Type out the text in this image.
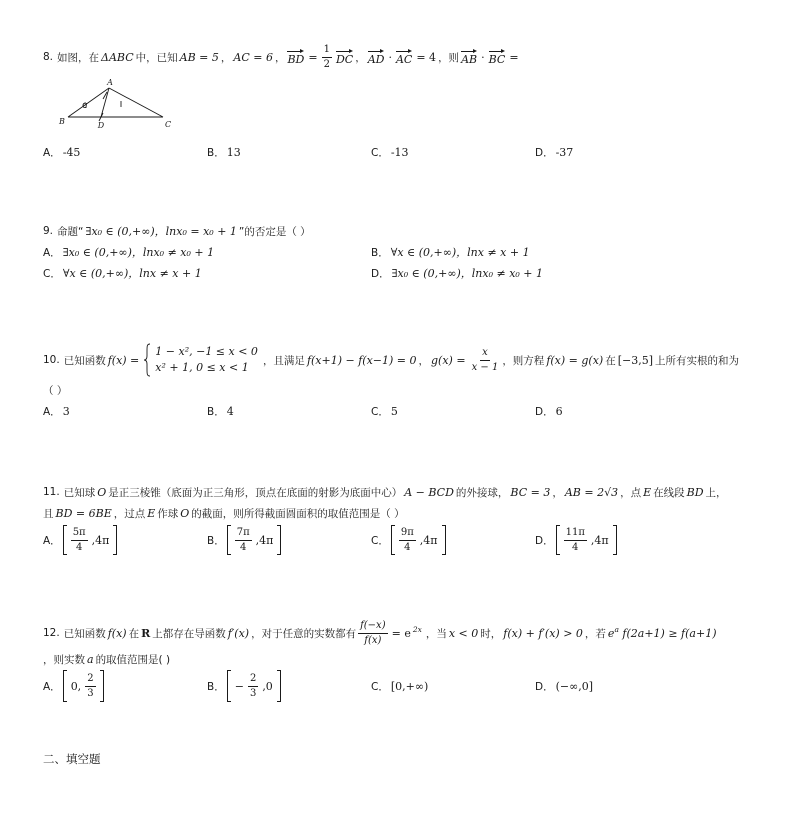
8. 如图，在 ΔABC 中，已知 AB = 5 ， AC = 6 ， BD = $\frac{1}{2}$ DC ， AD · AC = 4 ，则 AB · BC =
A
B	D	C
A． -45	B． 13	C． -13	D． -37
9. 命题“ ∃x₀ ∈ (0,+∞)，lnx₀ = x₀ + 1 ”的否定是（ ）
A． ∃x₀ ∈ (0,+∞)，lnx₀ ≠ x₀ + 1	B． ∀x ∈ (0,+∞)，lnx ≠ x + 1
C． ∀x ∈ (0,+∞)，lnx ≠ x + 1	D． ∃x₀ ∈ (0,+∞)，lnx₀ ≠ x₀ + 1
10. 已知函数 f(x) =
1 − x², −1 ≤ x < 0
x² + 1, 0 ≤ x < 1
，且满足 f(x+1) − f(x−1) = 0 ， $g(x) = \frac{x}{x - 1}$ ，则方程 f(x) = g(x) 在 [−3,5] 上所有实根的和为
（ ）
A． 3	B． 4	C． 5	D． 6
11. 已知球 O 是正三棱锥（底面为正三角形，顶点在底面的射影为底面中心） A − BCD 的外接球， BC = 3 ， AB = 2√3 ，点 E 在线段 BD 上，
且 BD = 6BE ，过点 E 作球 O 的截面，则所得截面圆面积的取值范围是（ ）
A． $\frac{5\pi}{4} ,4\pi$	B． $\frac{7\pi}{4} ,4\pi$	C． $\frac{9\pi}{4} ,4\pi$	D． $\frac{11\pi}{4} ,4\pi$
12. 已知函数 f(x) 在 R 上都存在导函数 f′(x) ，对于任意的实数都有 $\frac{f(-x)}{f(x)} = e$ $^{2x}$ ，当 x < 0 时， f(x) + f′(x) > 0 ，若 $e^a$ f(2a+1) ≥ f(a+1)
，则实数 a 的取值范围是( )
A． 0, $\frac{2}{3}$	B． − $\frac{2}{3} ,0$	C． [0,+∞)	D． (−∞,0]
二、填空题
